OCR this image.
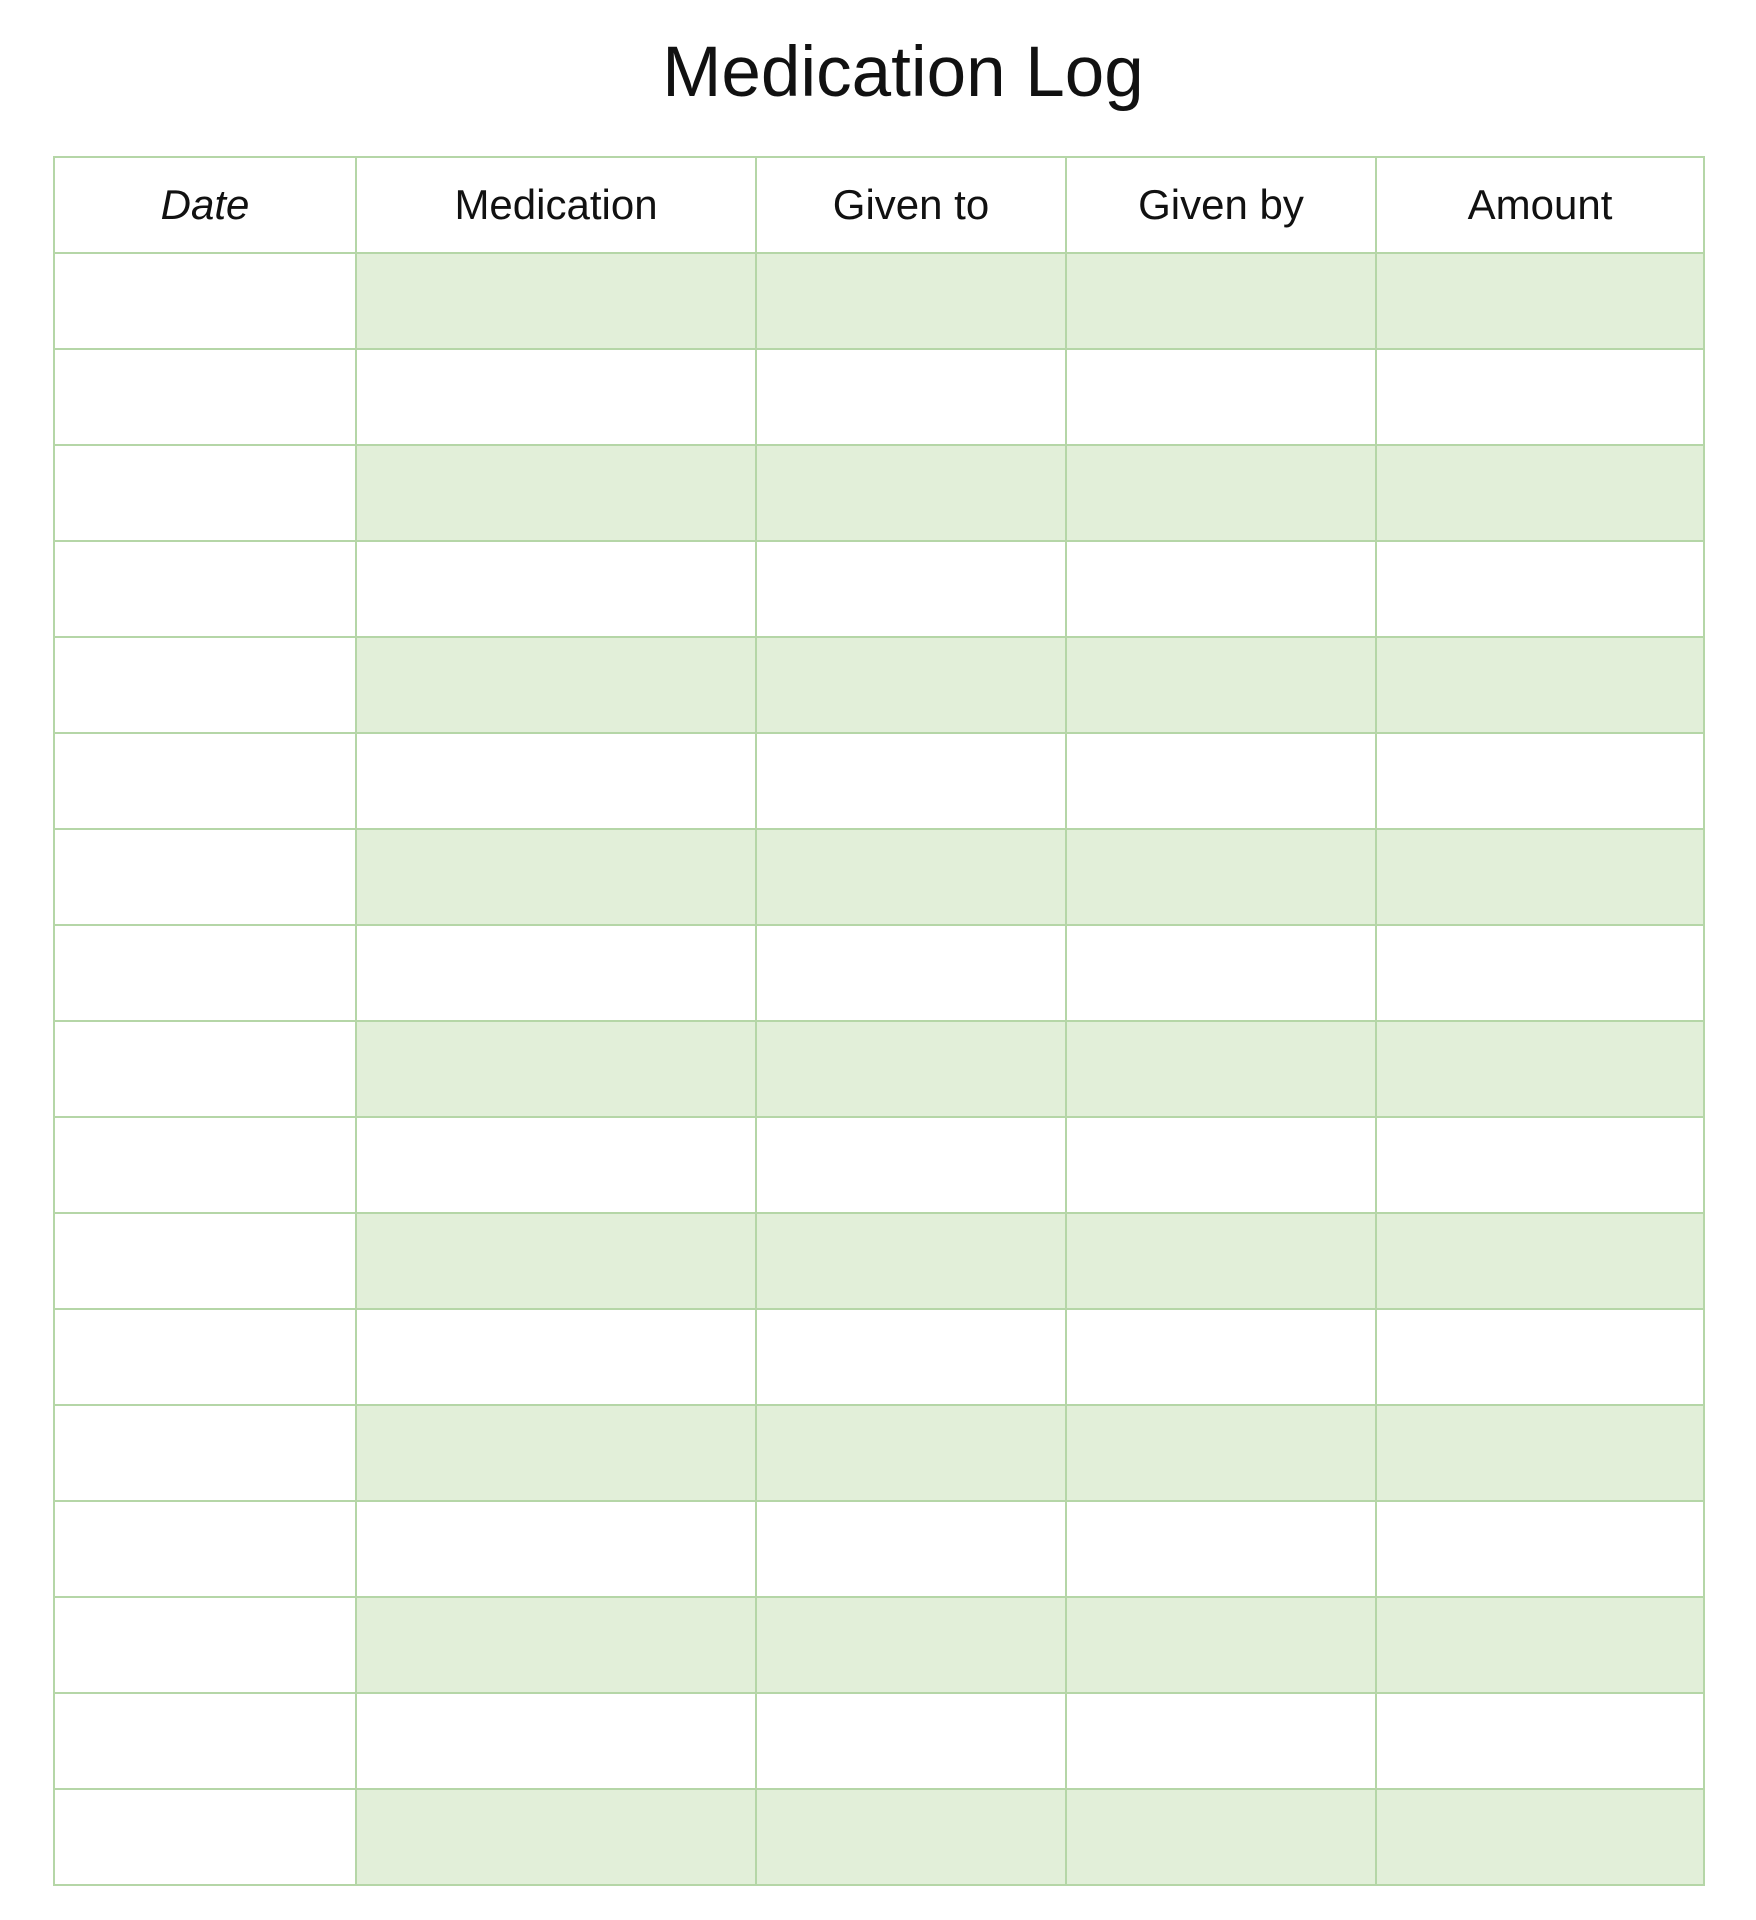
Medication Log
Date	Medication	Given to	Given by	Amount
